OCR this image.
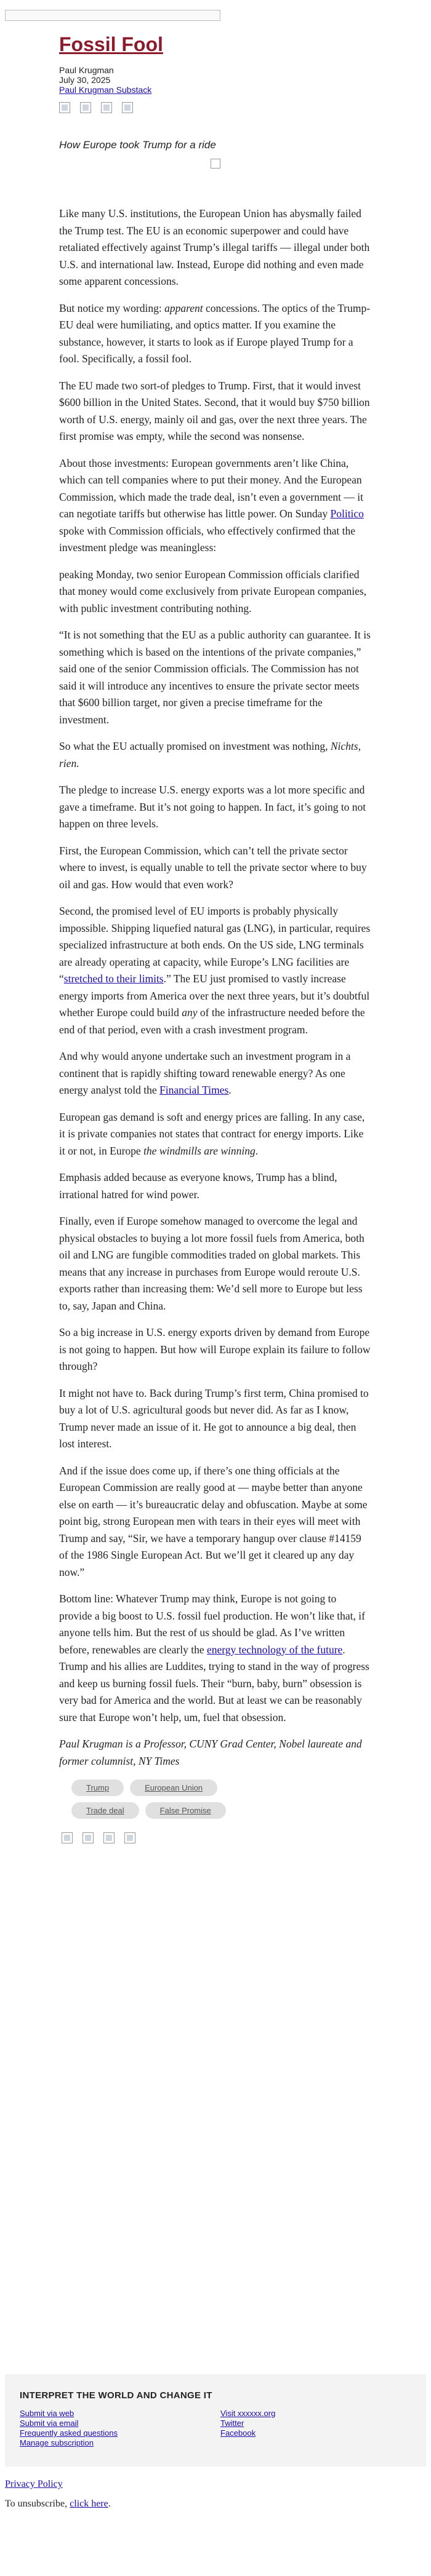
Fossil Fool
Paul Krugman
July 30, 2025
Paul Krugman Substack
How Europe took Trump for a ride

Like many U.S. institutions, the European Union has abysmally failed the Trump test. The EU is an economic superpower and could have retaliated effectively against Trump’s illegal tariffs — illegal under both U.S. and international law. Instead, Europe did nothing and even made some apparent concessions.

But notice my wording: apparent concessions. The optics of the Trump-EU deal were humiliating, and optics matter. If you examine the substance, however, it starts to look as if Europe played Trump for a fool. Specifically, a fossil fool.

The EU made two sort-of pledges to Trump. First, that it would invest $600 billion in the United States. Second, that it would buy $750 billion worth of U.S. energy, mainly oil and gas, over the next three years. The first promise was empty, while the second was nonsense.

About those investments: European governments aren’t like China, which can tell companies where to put their money. And the European Commission, which made the trade deal, isn’t even a government — it can negotiate tariffs but otherwise has little power. On Sunday Politico spoke with Commission officials, who effectively confirmed that the investment pledge was meaningless:

peaking Monday, two senior European Commission officials clarified that money would come exclusively from private European companies, with public investment contributing nothing.

“It is not something that the EU as a public authority can guarantee. It is something which is based on the intentions of the private companies,” said one of the senior Commission officials. The Commission has not said it will introduce any incentives to ensure the private sector meets that $600 billion target, nor given a precise timeframe for the investment.

So what the EU actually promised on investment was nothing, Nichts, rien.

The pledge to increase U.S. energy exports was a lot more specific and gave a timeframe. But it’s not going to happen. In fact, it’s going to not happen on three levels.

First, the European Commission, which can’t tell the private sector where to invest, is equally unable to tell the private sector where to buy oil and gas. How would that even work?

Second, the promised level of EU imports is probably physically impossible. Shipping liquefied natural gas (LNG), in particular, requires specialized infrastructure at both ends. On the US side, LNG terminals are already operating at capacity, while Europe’s LNG facilities are “stretched to their limits.” The EU just promised to vastly increase energy imports from America over the next three years, but it’s doubtful whether Europe could build any of the infrastructure needed before the end of that period, even with a crash investment program.

And why would anyone undertake such an investment program in a continent that is rapidly shifting toward renewable energy? As one energy analyst told the Financial Times.

European gas demand is soft and energy prices are falling. In any case, it is private companies not states that contract for energy imports. Like it or not, in Europe the windmills are winning.

Emphasis added because as everyone knows, Trump has a blind, irrational hatred for wind power.

Finally, even if Europe somehow managed to overcome the legal and physical obstacles to buying a lot more fossil fuels from America, both oil and LNG are fungible commodities traded on global markets. This means that any increase in purchases from Europe would reroute U.S. exports rather than increasing them: We’d sell more to Europe but less to, say, Japan and China.

So a big increase in U.S. energy exports driven by demand from Europe is not going to happen. But how will Europe explain its failure to follow through?

It might not have to. Back during Trump’s first term, China promised to buy a lot of U.S. agricultural goods but never did. As far as I know, Trump never made an issue of it. He got to announce a big deal, then lost interest.

And if the issue does come up, if there’s one thing officials at the European Commission are really good at — maybe better than anyone else on earth — it’s bureaucratic delay and obfuscation. Maybe at some point big, strong European men with tears in their eyes will meet with Trump and say, “Sir, we have a temporary hangup over clause #14159 of the 1986 Single European Act. But we’ll get it cleared up any day now.”

Bottom line: Whatever Trump may think, Europe is not going to provide a big boost to U.S. fossil fuel production. He won’t like that, if anyone tells him. But the rest of us should be glad. As I’ve written before, renewables are clearly the energy technology of the future. Trump and his allies are Luddites, trying to stand in the way of progress and keep us burning fossil fuels. Their “burn, baby, burn” obsession is very bad for America and the world. But at least we can be reasonably sure that Europe won’t help, um, fuel that obsession.

Paul Krugman is a Professor, CUNY Grad Center, Nobel laureate and former columnist, NY Times

Trump	European Union
Trade deal	False Promise
INTERPRET THE WORLD AND CHANGE IT
Submit via web
Submit via email
Frequently asked questions
Manage subscription
Visit xxxxxx.org
Twitter
Facebook
Privacy Policy
To unsubscribe, click here.
